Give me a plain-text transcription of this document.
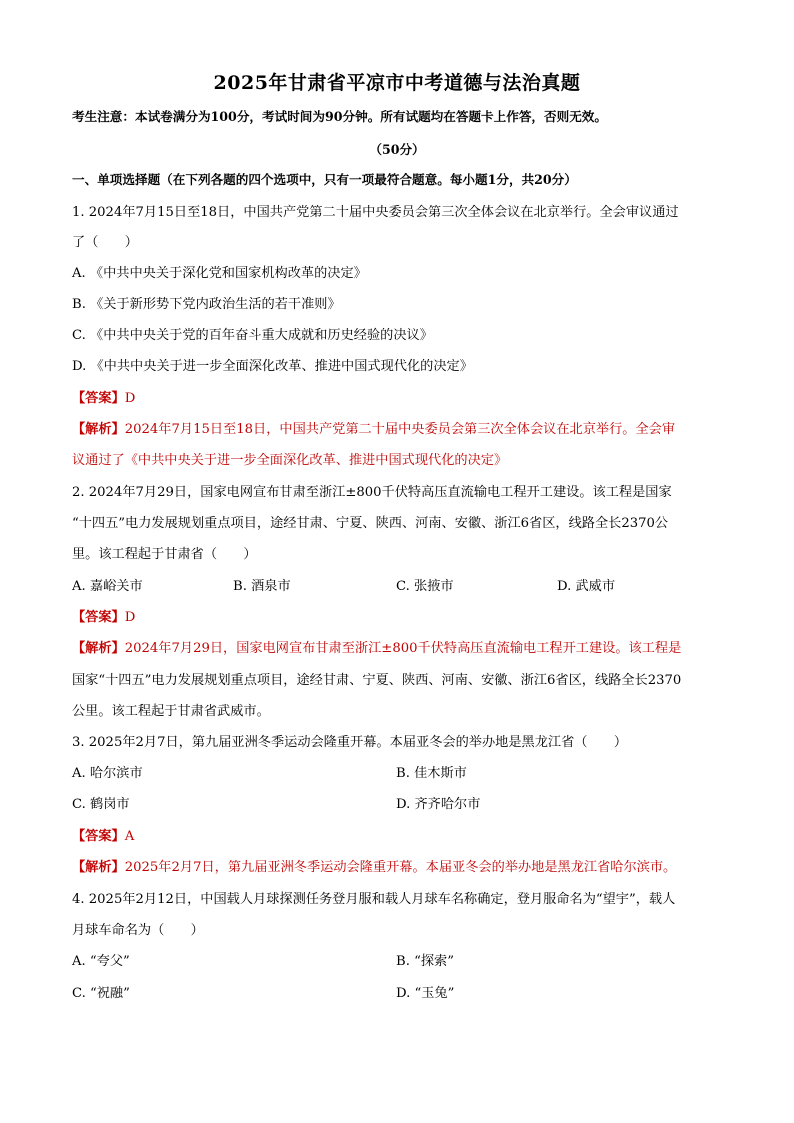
2025年甘肃省平凉市中考道德与法治真题
考生注意：本试卷满分为100分，考试时间为90分钟。所有试题均在答题卡上作答，否则无效。
（50分）
一、单项选择题（在下列各题的四个选项中，只有一项最符合题意。每小题1分，共20分）
1. 2024年7月15日至18日，中国共产党第二十届中央委员会第三次全体会议在北京举行。全会审议通过
了（　　）
A. 《中共中央关于深化党和国家机构改革的决定》
B. 《关于新形势下党内政治生活的若干准则》
C. 《中共中央关于党的百年奋斗重大成就和历史经验的决议》
D. 《中共中央关于进一步全面深化改革、推进中国式现代化的决定》
【答案】D
【解析】2024年7月15日至18日，中国共产党第二十届中央委员会第三次全体会议在北京举行。全会审
议通过了《中共中央关于进一步全面深化改革、推进中国式现代化的决定》
2. 2024年7月29日，国家电网宣布甘肃至浙江±800千伏特高压直流输电工程开工建设。该工程是国家
“十四五”电力发展规划重点项目，途经甘肃、宁夏、陕西、河南、安徽、浙江6省区，线路全长2370公
里。该工程起于甘肃省（　　）
A. 嘉峪关市	B. 酒泉市	C. 张掖市	D. 武威市
【答案】D
【解析】2024年7月29日，国家电网宣布甘肃至浙江±800千伏特高压直流输电工程开工建设。该工程是
国家“十四五”电力发展规划重点项目，途经甘肃、宁夏、陕西、河南、安徽、浙江6省区，线路全长2370
公里。该工程起于甘肃省武威市。
3. 2025年2月7日，第九届亚洲冬季运动会隆重开幕。本届亚冬会的举办地是黑龙江省（　　）
A. 哈尔滨市	B. 佳木斯市
C. 鹤岗市	D. 齐齐哈尔市
【答案】A
【解析】2025年2月7日，第九届亚洲冬季运动会隆重开幕。本届亚冬会的举办地是黑龙江省哈尔滨市。
4. 2025年2月12日，中国载人月球探测任务登月服和载人月球车名称确定，登月服命名为“望宇”，载人
月球车命名为（　　）
A. “夸父”	B. “探索”
C. “祝融”	D. “玉兔”
